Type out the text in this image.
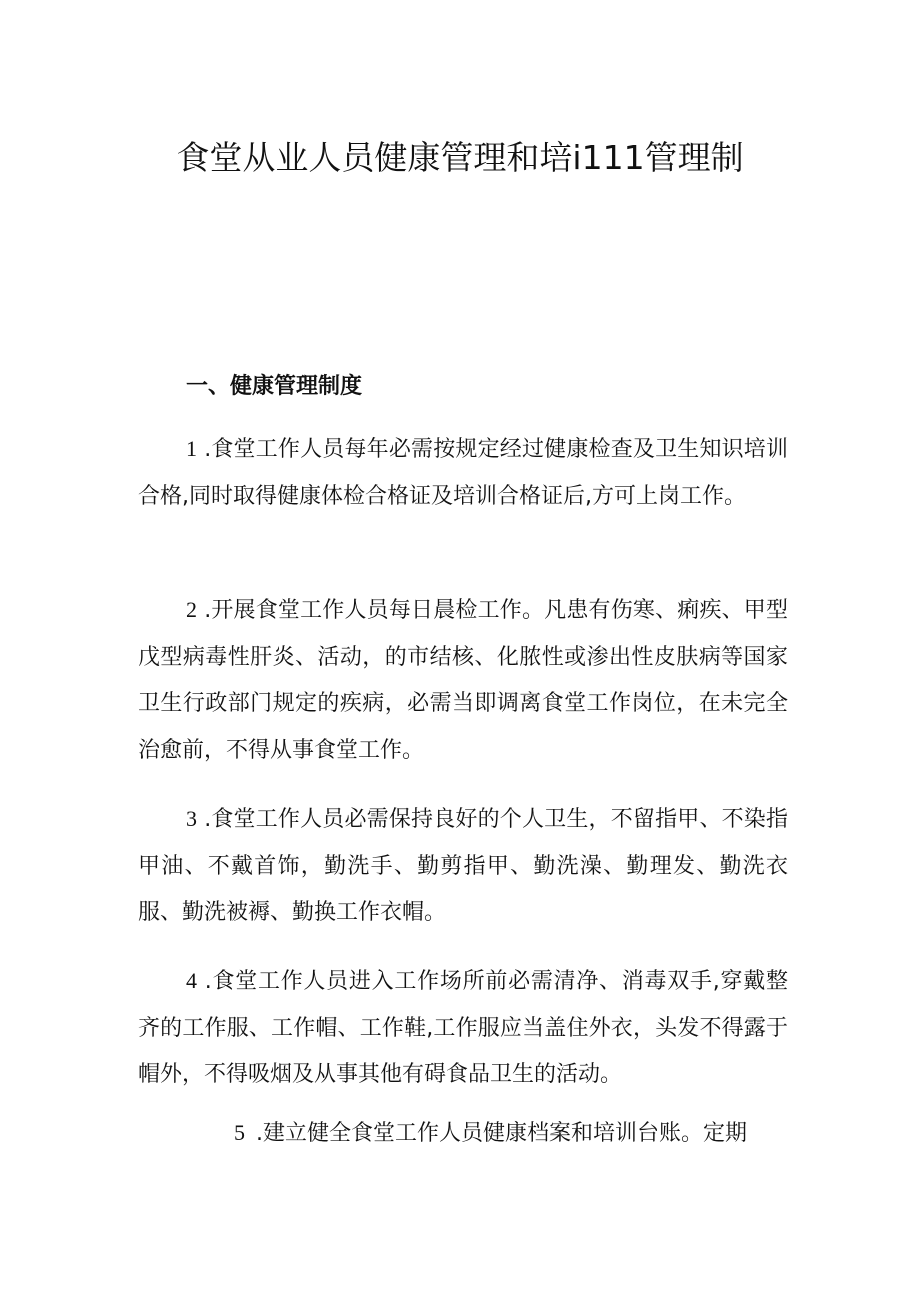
食堂从业人员健康管理和培i111管理制
一、健康管理制度

1 .食堂工作人员每年必需按规定经过健康检查及卫生知识培训合格,同时取得健康体检合格证及培训合格证后,方可上岗工作。

2 .开展食堂工作人员每日晨检工作。凡患有伤寒、痢疾、甲型戊型病毒性肝炎、活动，的市结核、化脓性或渗出性皮肤病等国家卫生行政部门规定的疾病，必需当即调离食堂工作岗位，在未完全治愈前，不得从事食堂工作。

3 .食堂工作人员必需保持良好的个人卫生，不留指甲、不染指甲油、不戴首饰，勤洗手、勤剪指甲、勤洗澡、勤理发、勤洗衣服、勤洗被褥、勤换工作衣帽。

4 .食堂工作人员进入工作场所前必需清净、消毒双手,穿戴整齐的工作服、工作帽、工作鞋,工作服应当盖住外衣，头发不得露于帽外，不得吸烟及从事其他有碍食品卫生的活动。

5 .建立健全食堂工作人员健康档案和培训台账。定期
